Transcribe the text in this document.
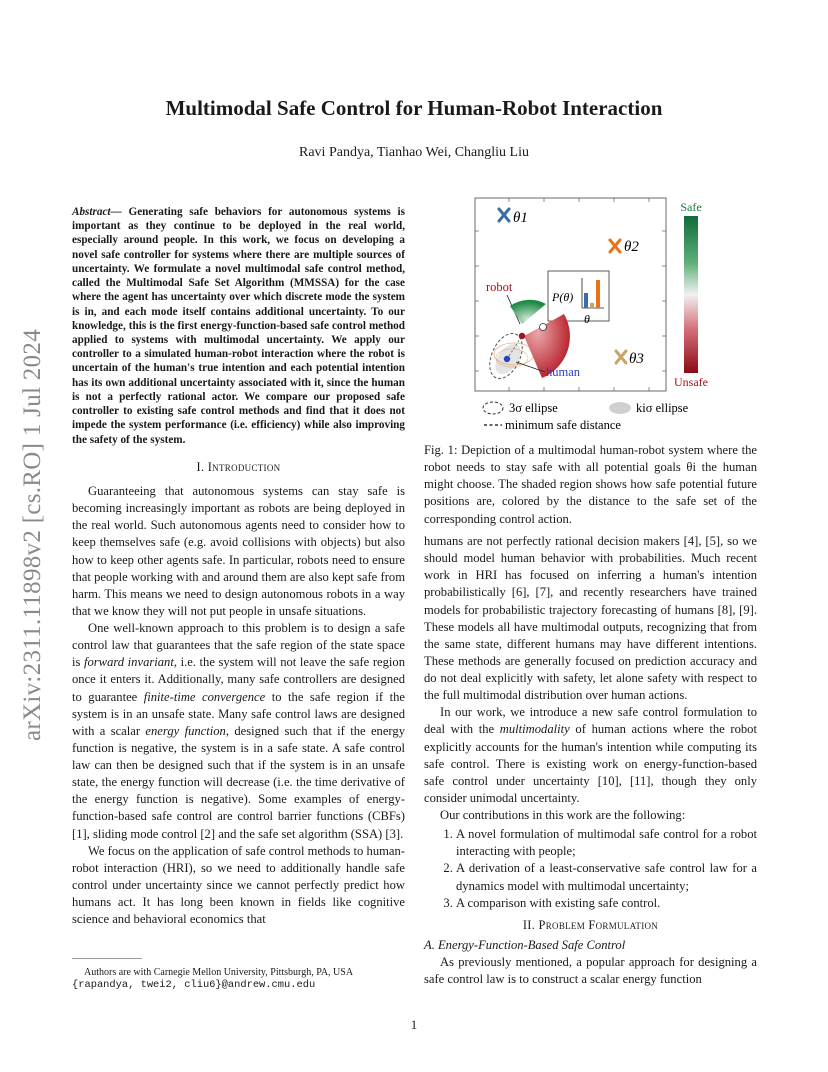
Multimodal Safe Control for Human-Robot Interaction
Ravi Pandya, Tianhao Wei, Changliu Liu
arXiv:2311.11898v2 [cs.RO] 1 Jul 2024
Abstract— Generating safe behaviors for autonomous systems is important as they continue to be deployed in the real world, especially around people. In this work, we focus on developing a novel safe controller for systems where there are multiple sources of uncertainty. We formulate a novel multimodal safe control method, called the Multimodal Safe Set Algorithm (MMSSA) for the case where the agent has uncertainty over which discrete mode the system is in, and each mode itself contains additional uncertainty. To our knowledge, this is the first energy-function-based safe control method applied to systems with multimodal uncertainty. We apply our controller to a simulated human-robot interaction where the robot is uncertain of the human's true intention and each potential intention has its own additional uncertainty associated with it, since the human is not a perfectly rational actor. We compare our proposed safe controller to existing safe control methods and find that it does not impede the system performance (i.e. efficiency) while also improving the safety of the system.
I. Introduction

Guaranteeing that autonomous systems can stay safe is becoming increasingly important as robots are being deployed in the real world. Such autonomous agents need to consider how to keep themselves safe (e.g. avoid collisions with objects) but also how to keep other agents safe. In particular, robots need to ensure that people working with and around them are also kept safe from harm. This means we need to design autonomous robots in a way that we know they will not put people in unsafe situations.

One well-known approach to this problem is to design a safe control law that guarantees that the safe region of the state space is forward invariant, i.e. the system will not leave the safe region once it enters it. Additionally, many safe controllers are designed to guarantee finite-time convergence to the safe region if the system is in an unsafe state. Many safe control laws are designed with a scalar energy function, designed such that if the energy function is negative, the system is in a safe state. A safe control law can then be designed such that if the system is in an unsafe state, the energy function will decrease (i.e. the time derivative of the energy function is negative). Some examples of energy-function-based safe control are control barrier functions (CBFs) [1], sliding mode control [2] and the safe set algorithm (SSA) [3].

We focus on the application of safe control methods to human-robot interaction (HRI), so we need to additionally handle safe control under uncertainty since we cannot perfectly predict how humans act. It has long been known in fields like cognitive science and behavioral economics that

Authors are with Carnegie Mellon University, Pittsburgh, PA, USA
{rapandya, twei2, cliu6}@andrew.cmu.edu
θ1
θ2
θ3
robot
P(θ)
θ
human
Safe
Unsafe
3σ ellipse	kiσ ellipse
minimum safe distance
Fig. 1: Depiction of a multimodal human-robot system where the robot needs to stay safe with all potential goals θi the human might choose. The shaded region shows how safe potential future positions are, colored by the distance to the safe set of the corresponding control action.

humans are not perfectly rational decision makers [4], [5], so we should model human behavior with probabilities. Much recent work in HRI has focused on inferring a human's intention probabilistically [6], [7], and recently researchers have trained models for probabilistic trajectory forecasting of humans [8], [9]. These models all have multimodal outputs, recognizing that from the same state, different humans may have different intentions. These methods are generally focused on prediction accuracy and do not deal explicitly with safety, let alone safety with respect to the full multimodal distribution over human actions.

In our work, we introduce a new safe control formulation to deal with the multimodality of human actions where the robot explicitly accounts for the human's intention while computing its safe control. There is existing work on energy-function-based safe control under uncertainty [10], [11], though they only consider unimodal uncertainty.

Our contributions in this work are the following:

1. A novel formulation of multimodal safe control for a robot interacting with people;
2. A derivation of a least-conservative safe control law for a dynamics model with multimodal uncertainty;
3. A comparison with existing safe control.
II. Problem Formulation

A. Energy-Function-Based Safe Control

As previously mentioned, a popular approach for designing a safe control law is to construct a scalar energy function

1
